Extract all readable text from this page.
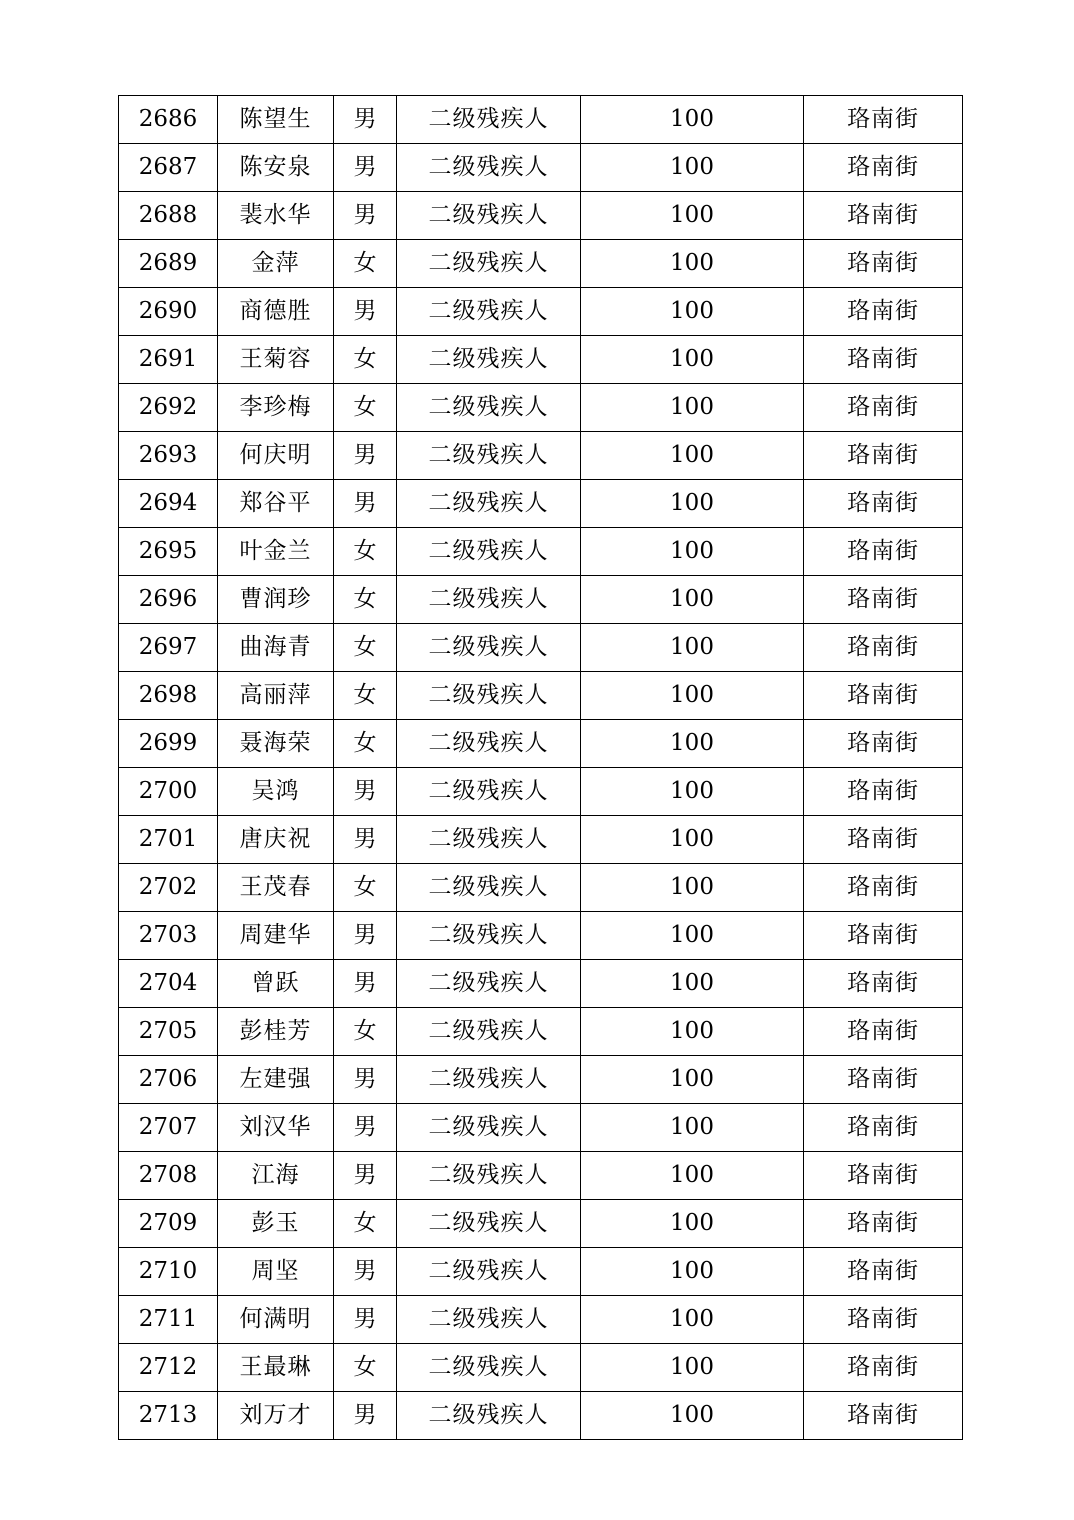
2686	陈望生	男	二级残疾人	100	珞南街
2687	陈安泉	男	二级残疾人	100	珞南街
2688	裴水华	男	二级残疾人	100	珞南街
2689	金萍	女	二级残疾人	100	珞南街
2690	商德胜	男	二级残疾人	100	珞南街
2691	王菊容	女	二级残疾人	100	珞南街
2692	李珍梅	女	二级残疾人	100	珞南街
2693	何庆明	男	二级残疾人	100	珞南街
2694	郑谷平	男	二级残疾人	100	珞南街
2695	叶金兰	女	二级残疾人	100	珞南街
2696	曹润珍	女	二级残疾人	100	珞南街
2697	曲海青	女	二级残疾人	100	珞南街
2698	高丽萍	女	二级残疾人	100	珞南街
2699	聂海荣	女	二级残疾人	100	珞南街
2700	吴鸿	男	二级残疾人	100	珞南街
2701	唐庆祝	男	二级残疾人	100	珞南街
2702	王茂春	女	二级残疾人	100	珞南街
2703	周建华	男	二级残疾人	100	珞南街
2704	曾跃	男	二级残疾人	100	珞南街
2705	彭桂芳	女	二级残疾人	100	珞南街
2706	左建强	男	二级残疾人	100	珞南街
2707	刘汉华	男	二级残疾人	100	珞南街
2708	江海	男	二级残疾人	100	珞南街
2709	彭玉	女	二级残疾人	100	珞南街
2710	周坚	男	二级残疾人	100	珞南街
2711	何满明	男	二级残疾人	100	珞南街
2712	王最琳	女	二级残疾人	100	珞南街
2713	刘万才	男	二级残疾人	100	珞南街
